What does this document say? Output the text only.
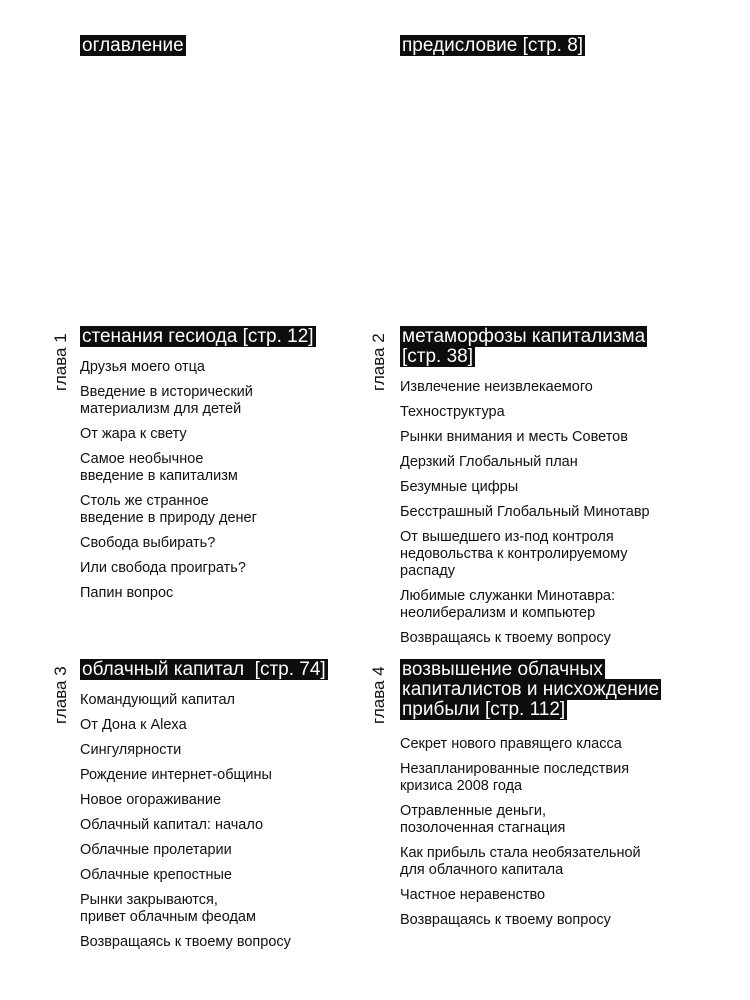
оглавление	предисловие [стр. 8]
глава 1 стенания гесиода [стр. 12]
Друзья моего отца
Введение в исторический
материализм для детей
От жара к свету
Самое необычное
введение в капитализм
Столь же странное
введение в природу денег
Свобода выбирать?
Или свобода проиграть?
Папин вопрос
глава 2 метаморфозы капитализма [стр. 38]
Извлечение неизвлекаемого
Техноструктура
Рынки внимания и месть Советов
Дерзкий Глобальный план
Безумные цифры
Бесстрашный Глобальный Минотавр
От вышедшего из-под контроля
недовольства к контролируемому распаду
Любимые служанки Минотавра:
неолиберализм и компьютер
Возвращаясь к твоему вопросу
глава 3 облачный капитал  [стр. 74]
Командующий капитал
От Дона к Alexa
Сингулярности
Рождение интернет-общины
Новое огораживание
Облачный капитал: начало
Облачные пролетарии
Облачные крепостные
Рынки закрываются,
привет облачным феодам
Возвращаясь к твоему вопросу
глава 4 возвышение облачных капиталистов и нисхождение прибыли [стр. 112]
Секрет нового правящего класса
Незапланированные последствия
кризиса 2008 года
Отравленные деньги,
позолоченная стагнация
Как прибыль стала необязательной
для облачного капитала
Частное неравенство
Возвращаясь к твоему вопросу
